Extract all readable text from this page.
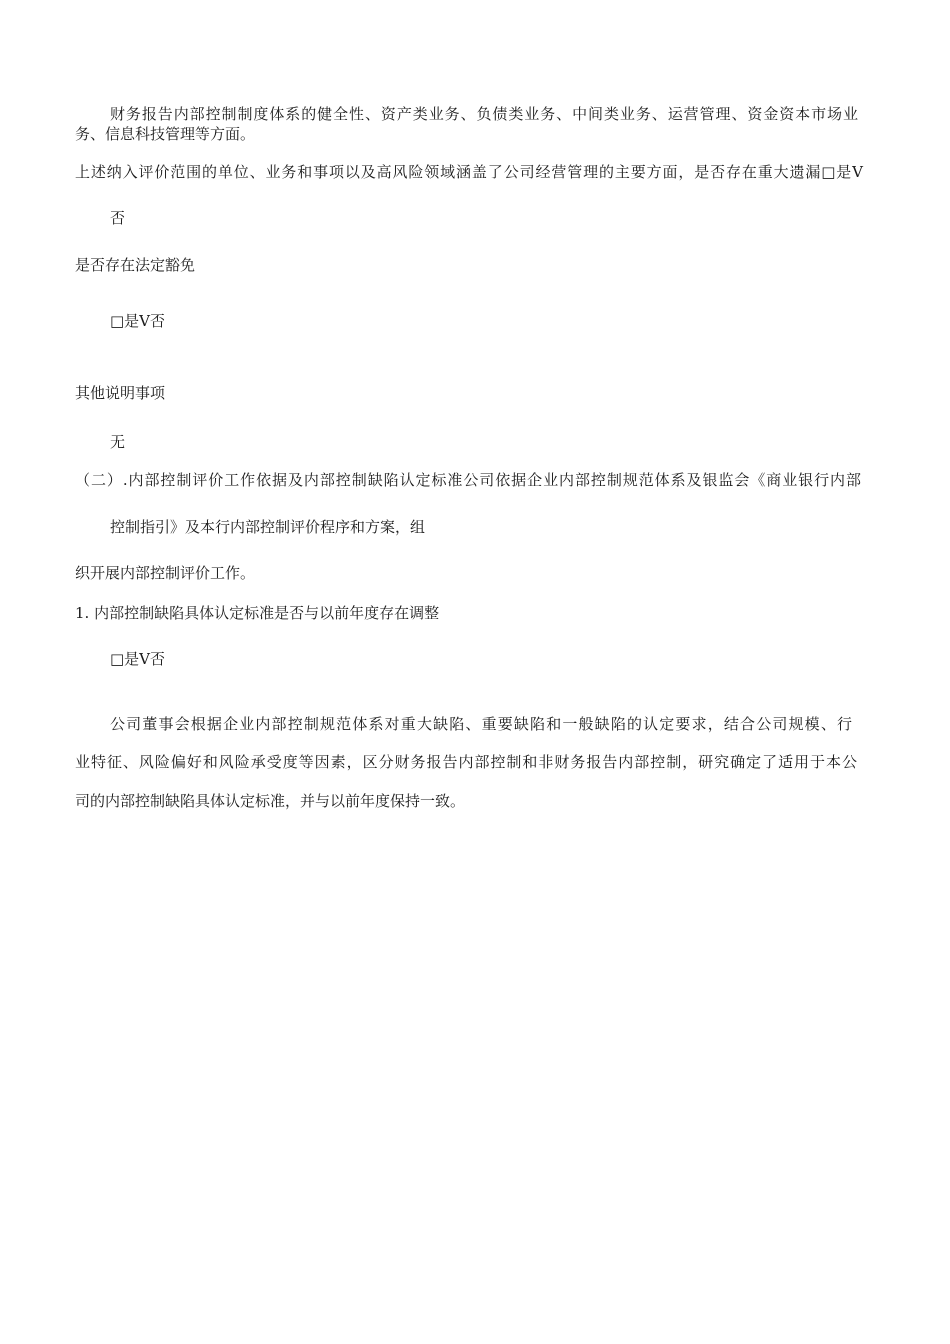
财务报告内部控制制度体系的健全性、资产类业务、负债类业务、中间类业务、运营管理、资金资本市场业
务、信息科技管理等方面。
上述纳入评价范围的单位、业务和事项以及高风险领域涵盖了公司经营管理的主要方面，是否存在重大遗漏□是V
否
是否存在法定豁免
□是V否
其他说明事项
无
（二）.内部控制评价工作依据及内部控制缺陷认定标准公司依据企业内部控制规范体系及银监会《商业银行内部
控制指引》及本行内部控制评价程序和方案，组
织开展内部控制评价工作。
1. 内部控制缺陷具体认定标准是否与以前年度存在调整
□是V否
公司董事会根据企业内部控制规范体系对重大缺陷、重要缺陷和一般缺陷的认定要求，结合公司规模、行
业特征、风险偏好和风险承受度等因素，区分财务报告内部控制和非财务报告内部控制，研究确定了适用于本公
司的内部控制缺陷具体认定标准，并与以前年度保持一致。
